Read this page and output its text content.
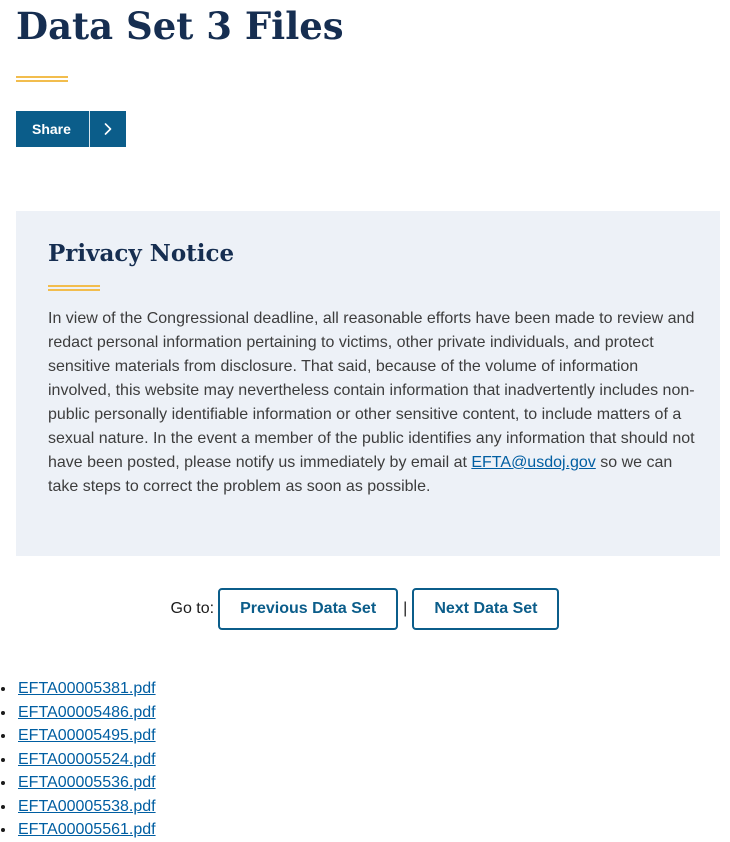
Data Set 3 Files
Share
Privacy Notice

In view of the Congressional deadline, all reasonable efforts have been made to review and redact personal information pertaining to victims, other private individuals, and protect sensitive materials from disclosure. That said, because of the volume of information involved, this website may nevertheless contain information that inadvertently includes non-public personally identifiable information or other sensitive content, to include matters of a sexual nature. In the event a member of the public identifies any information that should not have been posted, please notify us immediately by email at EFTA@usdoj.gov so we can take steps to correct the problem as soon as possible.

Go to:	Previous Data Set	|	Next Data Set
EFTA00005381.pdf
EFTA00005486.pdf
EFTA00005495.pdf
EFTA00005524.pdf
EFTA00005536.pdf
EFTA00005538.pdf
EFTA00005561.pdf
